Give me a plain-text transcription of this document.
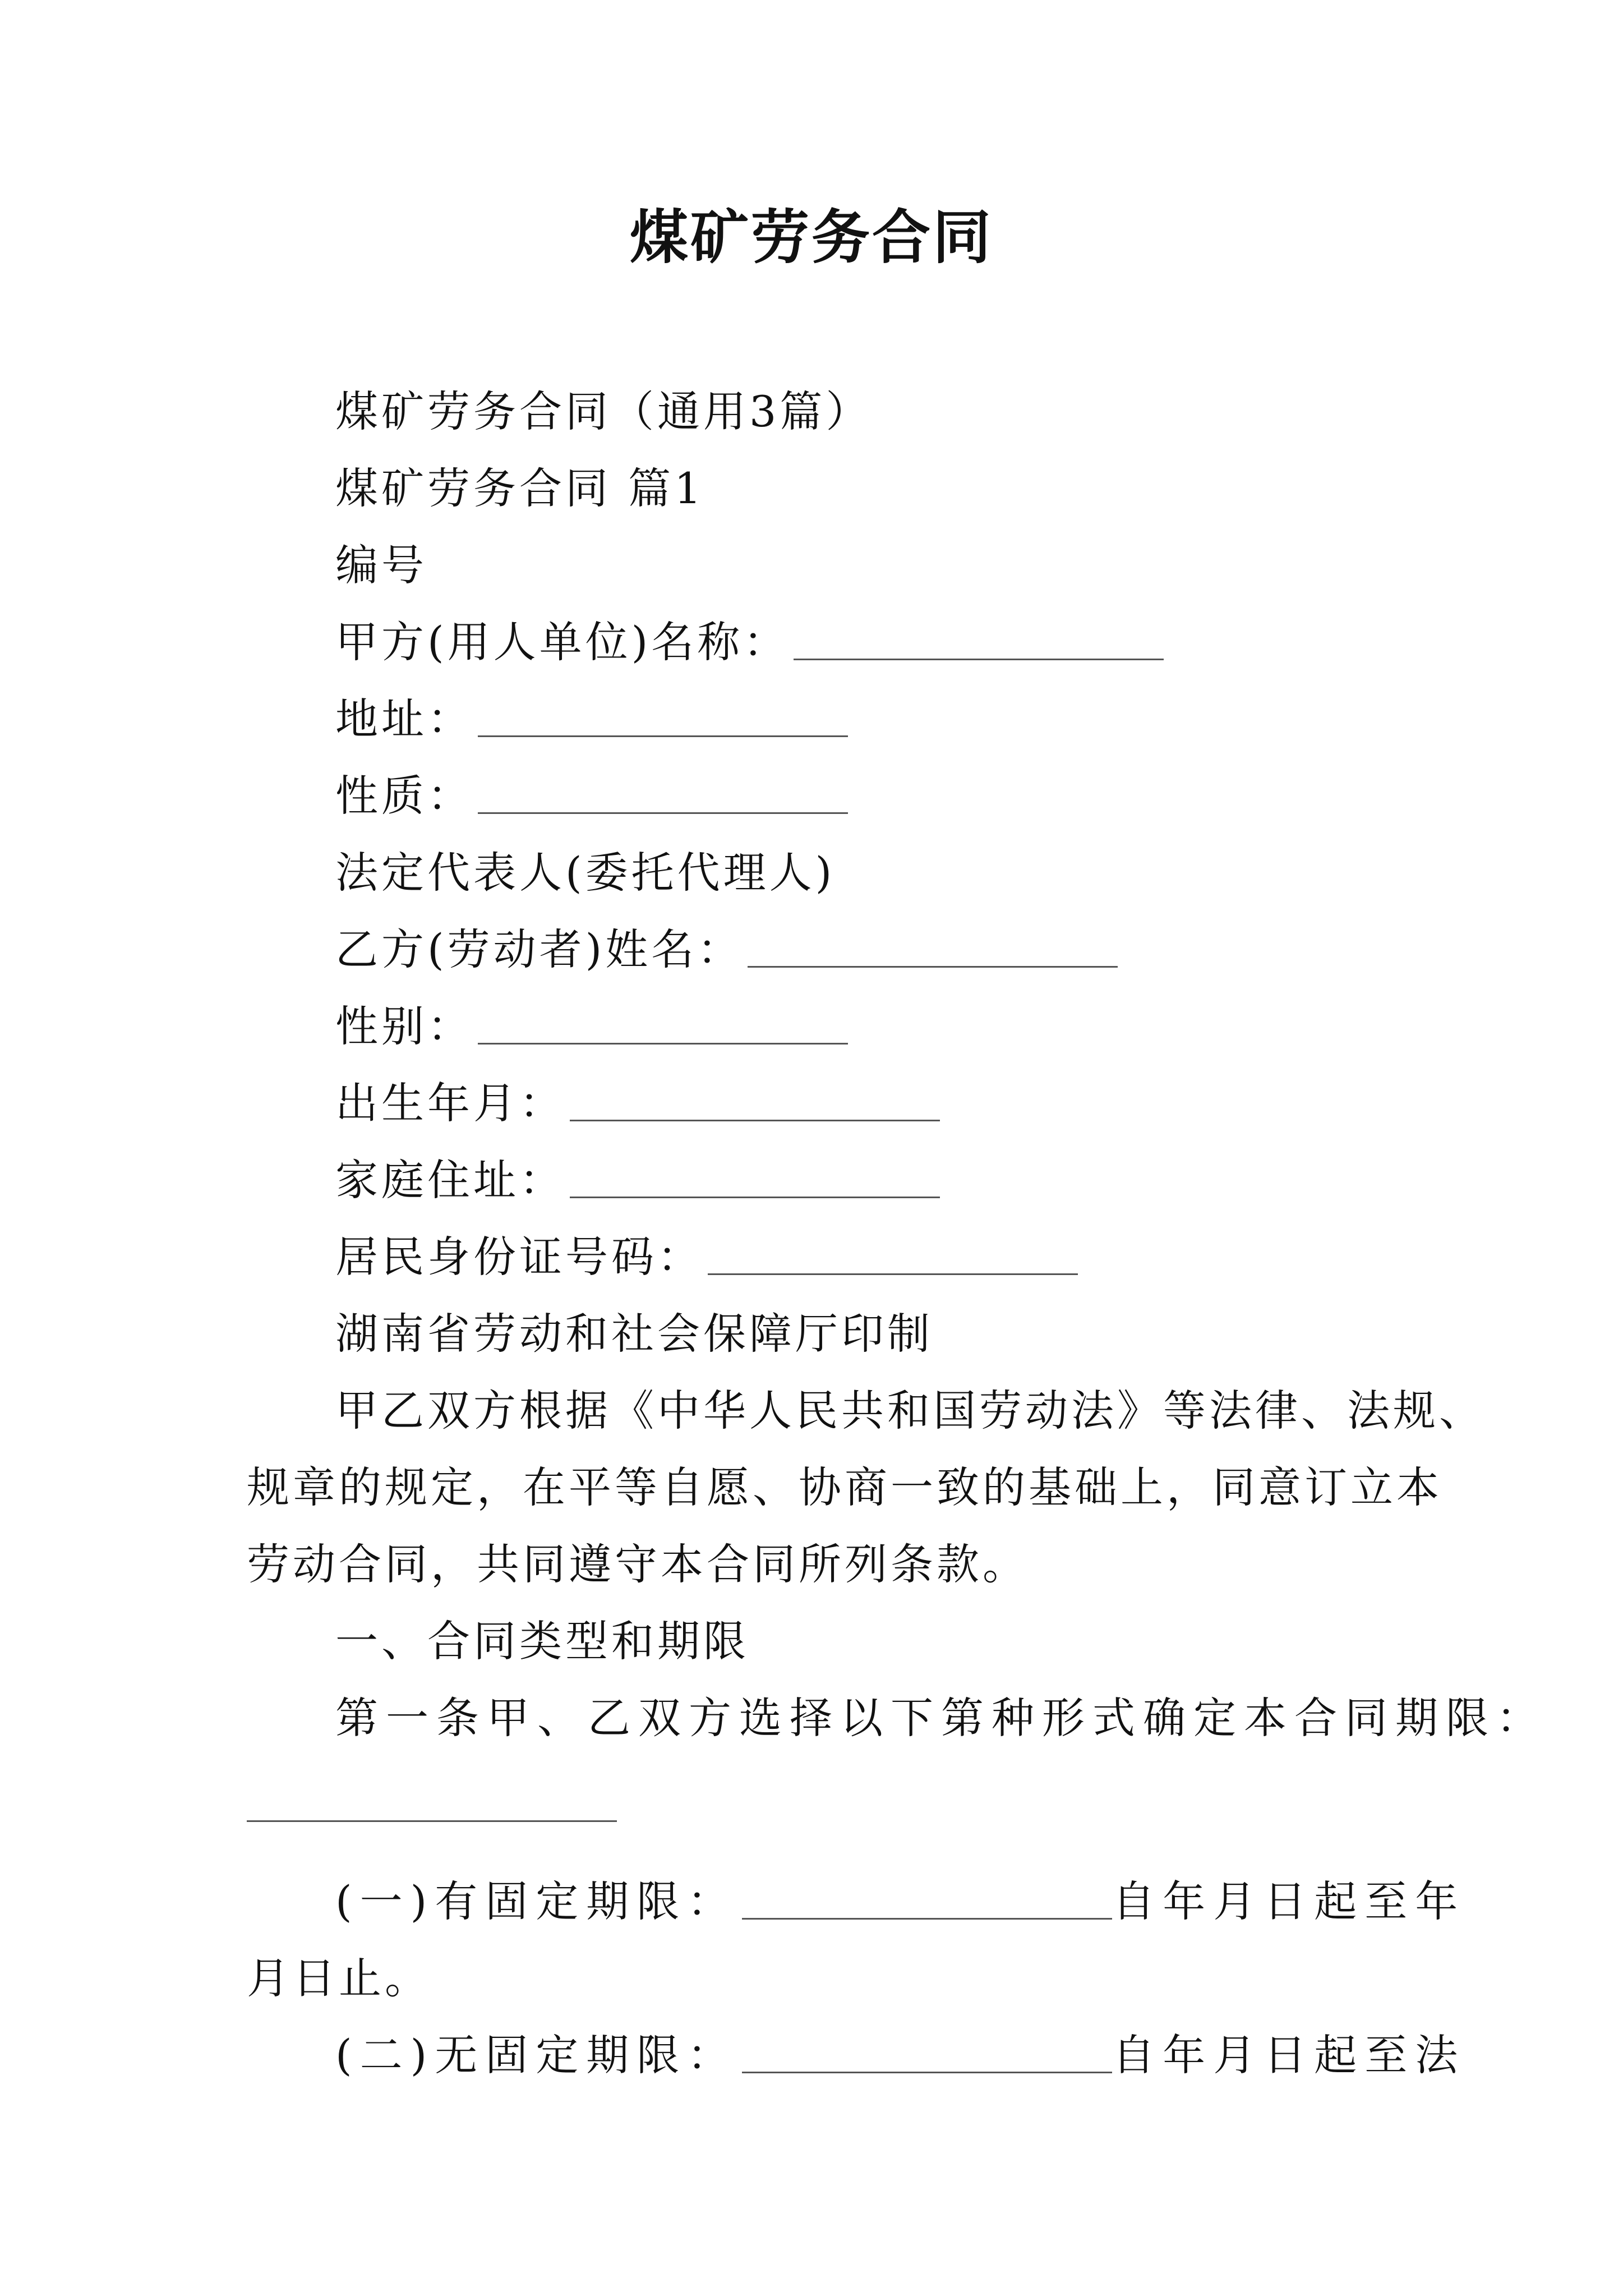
煤矿劳务合同
煤矿劳务合同（通用3篇）
煤矿劳务合同 篇1
编号
甲方(用人单位)名称：
地址：
性质：
法定代表人(委托代理人)
乙方(劳动者)姓名：
性别：
出生年月：
家庭住址：
居民身份证号码：
湖南省劳动和社会保障厅印制
甲乙双方根据《中华人民共和国劳动法》等法律、法规、
规章的规定，在平等自愿、协商一致的基础上，同意订立本
劳动合同，共同遵守本合同所列条款。
一、合同类型和期限
第一条甲、乙双方选择以下第种形式确定本合同期限：
(一)有固定期限：	自年月日起至年
月日止。
(二)无固定期限：	自年月日起至法
